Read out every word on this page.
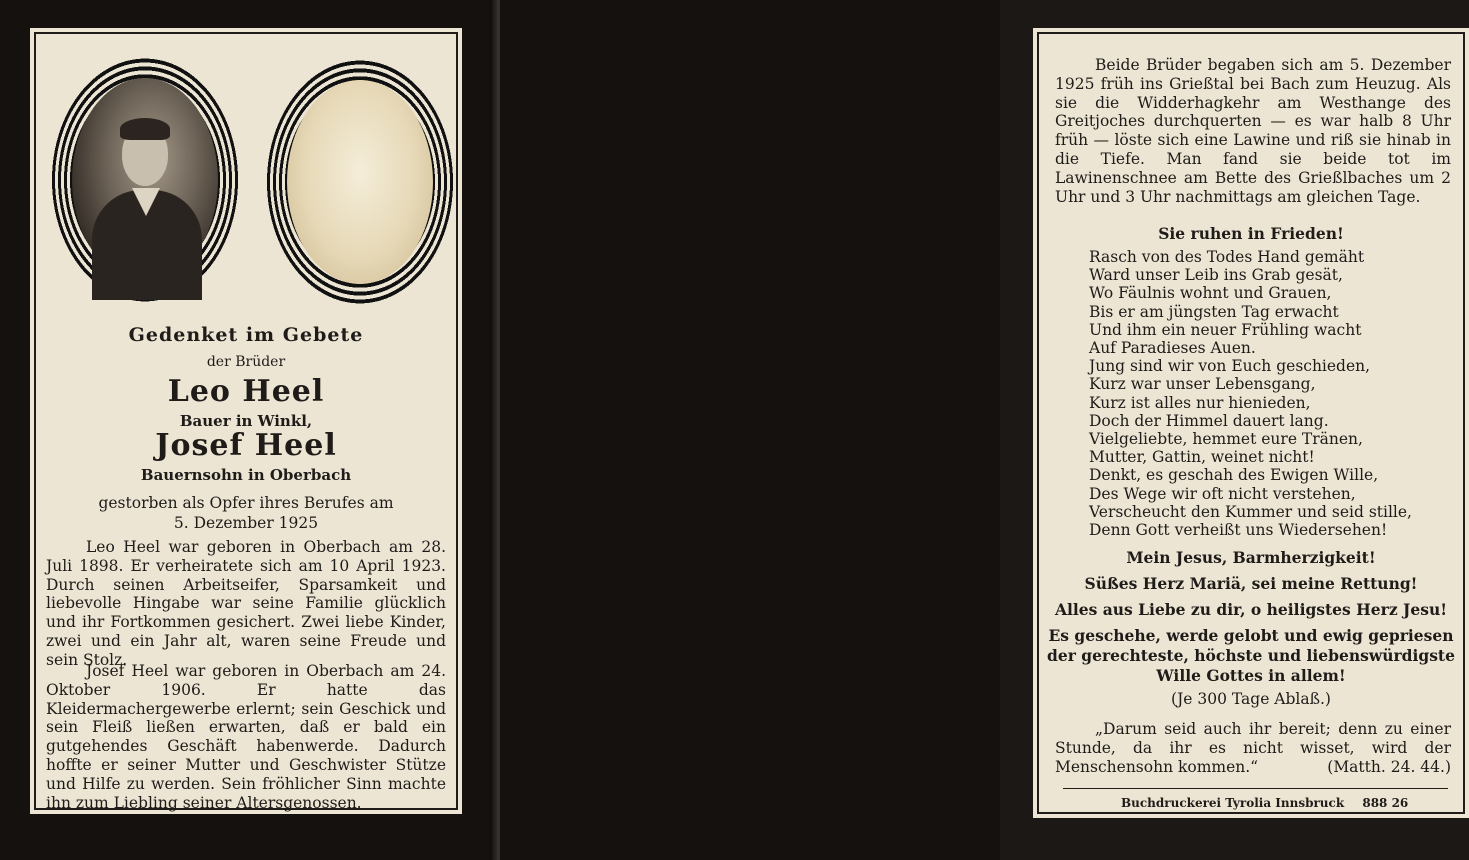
Gedenket im Gebete
der Brüder
Leo Heel
Bauer in Winkl,
Josef Heel
Bauernsohn in Oberbach
gestorben als Opfer ihres Berufes am
5. Dezember 1925

Leo Heel war geboren in Oberbach am 28. Juli 1898. Er verheiratete sich am 10 April 1923. Durch seinen Arbeitseifer, Sparsamkeit und liebevolle Hingabe war seine Familie glücklich und ihr Fortkommen gesichert. Zwei liebe Kinder, zwei und ein Jahr alt, waren seine Freude und sein Stolz.

Josef Heel war geboren in Oberbach am 24. Oktober 1906. Er hatte das Kleidermachergewerbe erlernt; sein Geschick und sein Fleiß ließen erwarten, daß er bald ein gutgehendes Geschäft habenwerde. Dadurch hoffte er seiner Mutter und Geschwister Stütze und Hilfe zu werden. Sein fröhlicher Sinn machte ihn zum Liebling seiner Altersgenossen.

Beide Brüder begaben sich am 5. Dezember 1925 früh ins Grießtal bei Bach zum Heuzug. Als sie die Widderhagkehr am Westhange des Greitjoches durchquerten — es war halb 8 Uhr früh — löste sich eine Lawine und riß sie hinab in die Tiefe. Man fand sie beide tot im Lawinenschnee am Bette des Grießlbaches um 2 Uhr und 3 Uhr nachmittags am gleichen Tage.

Sie ruhen in Frieden!
Rasch von des Todes Hand gemäht
Ward unser Leib ins Grab gesät,
Wo Fäulnis wohnt und Grauen,
Bis er am jüngsten Tag erwacht
Und ihm ein neuer Frühling wacht
Auf Paradieses Auen.
Jung sind wir von Euch geschieden,
Kurz war unser Lebensgang,
Kurz ist alles nur hienieden,
Doch der Himmel dauert lang.
Vielgeliebte, hemmet eure Tränen,
Mutter, Gattin, weinet nicht!
Denkt, es geschah des Ewigen Wille,
Des Wege wir oft nicht verstehen,
Verscheucht den Kummer und seid stille,
Denn Gott verheißt uns Wiedersehen!
Mein Jesus, Barmherzigkeit!
Süßes Herz Mariä, sei meine Rettung!
Alles aus Liebe zu dir, o heiligstes Herz Jesu!
Es geschehe, werde gelobt und ewig gepriesen
der gerechteste, höchste und liebenswürdigste
Wille Gottes in allem!
(Je 300 Tage Ablaß.)

„Darum seid auch ihr bereit; denn zu einer Stunde, da ihr es nicht wisset, wird der Menschensohn kommen.“	(Matth. 24. 44.)

Buchdruckerei Tyrolia Innsbruck 888 26
